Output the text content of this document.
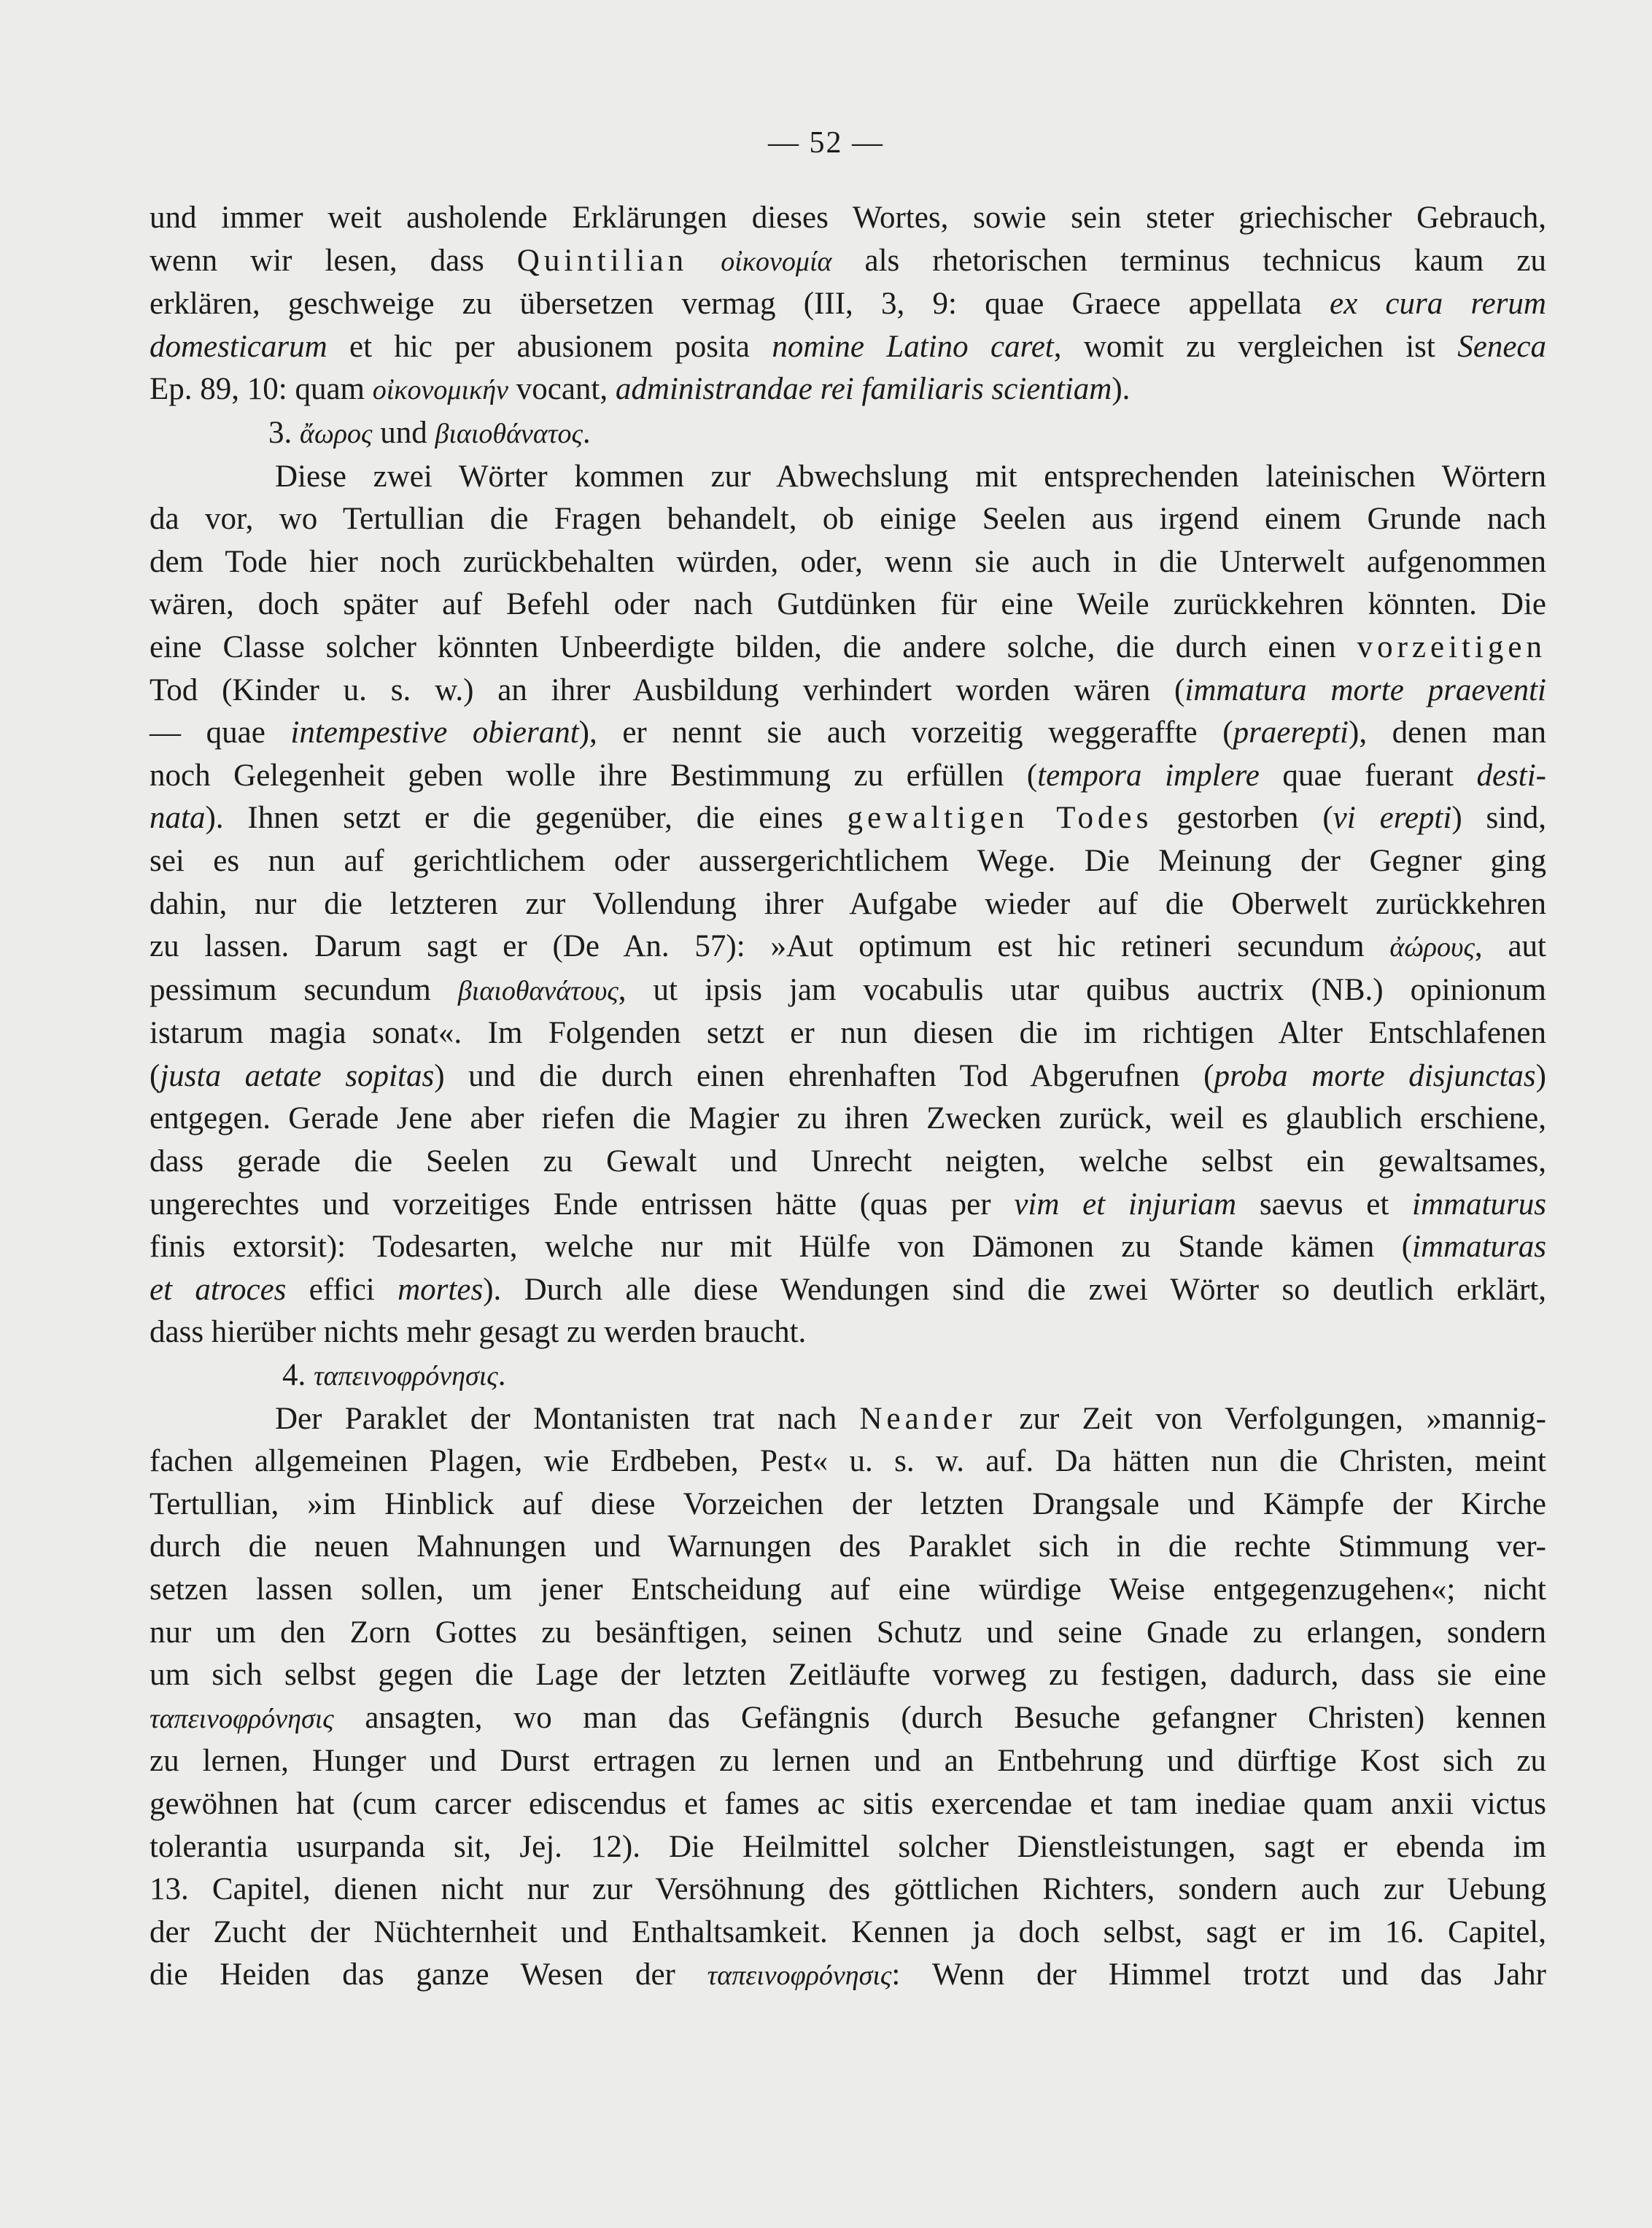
— 52 —
und immer weit ausholende Erklärungen dieses Wortes, sowie sein steter griechischer Gebrauch,
wenn wir lesen, dass Quintilian οἰκονομία als rhetorischen terminus technicus kaum zu
erklären, geschweige zu übersetzen vermag (III, 3, 9: quae Graece appellata ex cura rerum
domesticarum et hic per abusionem posita nomine Latino caret, womit zu vergleichen ist Seneca
Ep. 89, 10: quam οἰκονομικήν vocant, administrandae rei familiaris scientiam).
3. ἄωρος und βιαιοθάνατος.
Diese zwei Wörter kommen zur Abwechslung mit entsprechenden lateinischen Wörtern
da vor, wo Tertullian die Fragen behandelt, ob einige Seelen aus irgend einem Grunde nach
dem Tode hier noch zurückbehalten würden, oder, wenn sie auch in die Unterwelt aufgenommen
wären, doch später auf Befehl oder nach Gutdünken für eine Weile zurückkehren könnten. Die
eine Classe solcher könnten Unbeerdigte bilden, die andere solche, die durch einen vorzeitigen
Tod (Kinder u. s. w.) an ihrer Ausbildung verhindert worden wären (immatura morte praeventi
— quae intempestive obierant), er nennt sie auch vorzeitig weggeraffte (praerepti), denen man
noch Gelegenheit geben wolle ihre Bestimmung zu erfüllen (tempora implere quae fuerant desti-
nata). Ihnen setzt er die gegenüber, die eines gewaltigen Todes gestorben (vi erepti) sind,
sei es nun auf gerichtlichem oder aussergerichtlichem Wege. Die Meinung der Gegner ging
dahin, nur die letzteren zur Vollendung ihrer Aufgabe wieder auf die Oberwelt zurückkehren
zu lassen. Darum sagt er (De An. 57): »Aut optimum est hic retineri secundum ἀώρους, aut
pessimum secundum βιαιοθανάτους, ut ipsis jam vocabulis utar quibus auctrix (NB.) opinionum
istarum magia sonat«. Im Folgenden setzt er nun diesen die im richtigen Alter Entschlafenen
(justa aetate sopitas) und die durch einen ehrenhaften Tod Abgerufnen (proba morte disjunctas)
entgegen. Gerade Jene aber riefen die Magier zu ihren Zwecken zurück, weil es glaublich erschiene,
dass gerade die Seelen zu Gewalt und Unrecht neigten, welche selbst ein gewaltsames,
ungerechtes und vorzeitiges Ende entrissen hätte (quas per vim et injuriam saevus et immaturus
finis extorsit): Todesarten, welche nur mit Hülfe von Dämonen zu Stande kämen (immaturas
et atroces effici mortes). Durch alle diese Wendungen sind die zwei Wörter so deutlich erklärt,
dass hierüber nichts mehr gesagt zu werden braucht.
4. ταπεινοφρόνησις.
Der Paraklet der Montanisten trat nach Neander zur Zeit von Verfolgungen, »mannig-
fachen allgemeinen Plagen, wie Erdbeben, Pest« u. s. w. auf. Da hätten nun die Christen, meint
Tertullian, »im Hinblick auf diese Vorzeichen der letzten Drangsale und Kämpfe der Kirche
durch die neuen Mahnungen und Warnungen des Paraklet sich in die rechte Stimmung ver-
setzen lassen sollen, um jener Entscheidung auf eine würdige Weise entgegenzugehen«; nicht
nur um den Zorn Gottes zu besänftigen, seinen Schutz und seine Gnade zu erlangen, sondern
um sich selbst gegen die Lage der letzten Zeitläufte vorweg zu festigen, dadurch, dass sie eine
ταπεινοφρόνησις ansagten, wo man das Gefängnis (durch Besuche gefangner Christen) kennen
zu lernen, Hunger und Durst ertragen zu lernen und an Entbehrung und dürftige Kost sich zu
gewöhnen hat (cum carcer ediscendus et fames ac sitis exercendae et tam inediae quam anxii victus
tolerantia usurpanda sit, Jej. 12). Die Heilmittel solcher Dienstleistungen, sagt er ebenda im
13. Capitel, dienen nicht nur zur Versöhnung des göttlichen Richters, sondern auch zur Uebung
der Zucht der Nüchternheit und Enthaltsamkeit. Kennen ja doch selbst, sagt er im 16. Capitel,
die Heiden das ganze Wesen der ταπεινοφρόνησις: Wenn der Himmel trotzt und das Jahr
